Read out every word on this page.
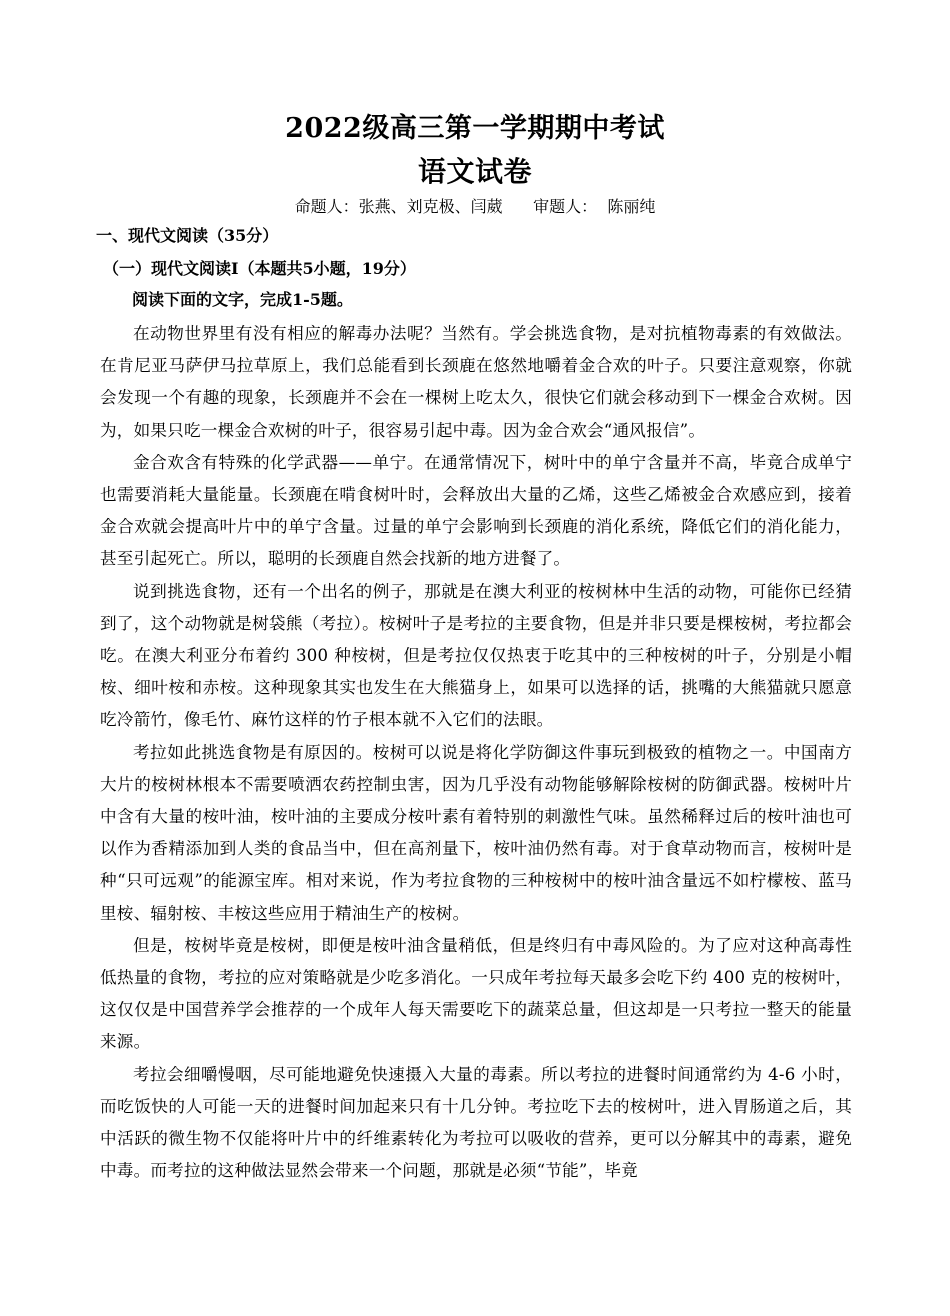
2022级高三第一学期期中考试
语文试卷
命题人：张燕、刘克极、闫葳      审题人：  陈丽纯
一、现代文阅读（35分）
（一）现代文阅读Ⅰ（本题共5小题，19分）
阅读下面的文字，完成1-5题。

在动物世界里有没有相应的解毒办法呢？当然有。学会挑选食物，是对抗植物毒素的有效做法。在肯尼亚马萨伊马拉草原上，我们总能看到长颈鹿在悠然地嚼着金合欢的叶子。只要注意观察，你就会发现一个有趣的现象，长颈鹿并不会在一棵树上吃太久，很快它们就会移动到下一棵金合欢树。因为，如果只吃一棵金合欢树的叶子，很容易引起中毒。因为金合欢会“通风报信”。

金合欢含有特殊的化学武器——单宁。在通常情况下，树叶中的单宁含量并不高，毕竟合成单宁也需要消耗大量能量。长颈鹿在啃食树叶时，会释放出大量的乙烯，这些乙烯被金合欢感应到，接着金合欢就会提高叶片中的单宁含量。过量的单宁会影响到长颈鹿的消化系统，降低它们的消化能力，甚至引起死亡。所以，聪明的长颈鹿自然会找新的地方进餐了。

说到挑选食物，还有一个出名的例子，那就是在澳大利亚的桉树林中生活的动物，可能你已经猜到了，这个动物就是树袋熊（考拉）。桉树叶子是考拉的主要食物，但是并非只要是棵桉树，考拉都会吃。在澳大利亚分布着约 300 种桉树，但是考拉仅仅热衷于吃其中的三种桉树的叶子，分别是小帽桉、细叶桉和赤桉。这种现象其实也发生在大熊猫身上，如果可以选择的话，挑嘴的大熊猫就只愿意吃冷箭竹，像毛竹、麻竹这样的竹子根本就不入它们的法眼。

考拉如此挑选食物是有原因的。桉树可以说是将化学防御这件事玩到极致的植物之一。中国南方大片的桉树林根本不需要喷洒农药控制虫害，因为几乎没有动物能够解除桉树的防御武器。桉树叶片中含有大量的桉叶油，桉叶油的主要成分桉叶素有着特别的刺激性气味。虽然稀释过后的桉叶油也可以作为香精添加到人类的食品当中，但在高剂量下，桉叶油仍然有毒。对于食草动物而言，桉树叶是种“只可远观”的能源宝库。相对来说，作为考拉食物的三种桉树中的桉叶油含量远不如柠檬桉、蓝马里桉、辐射桉、丰桉这些应用于精油生产的桉树。

但是，桉树毕竟是桉树，即便是桉叶油含量稍低，但是终归有中毒风险的。为了应对这种高毒性低热量的食物，考拉的应对策略就是少吃多消化。一只成年考拉每天最多会吃下约 400 克的桉树叶，这仅仅是中国营养学会推荐的一个成年人每天需要吃下的蔬菜总量，但这却是一只考拉一整天的能量来源。

考拉会细嚼慢咽，尽可能地避免快速摄入大量的毒素。所以考拉的进餐时间通常约为 4-6 小时，而吃饭快的人可能一天的进餐时间加起来只有十几分钟。考拉吃下去的桉树叶，进入胃肠道之后，其中活跃的微生物不仅能将叶片中的纤维素转化为考拉可以吸收的营养，更可以分解其中的毒素，避免中毒。而考拉的这种做法显然会带来一个问题，那就是必须“节能”，毕竟
